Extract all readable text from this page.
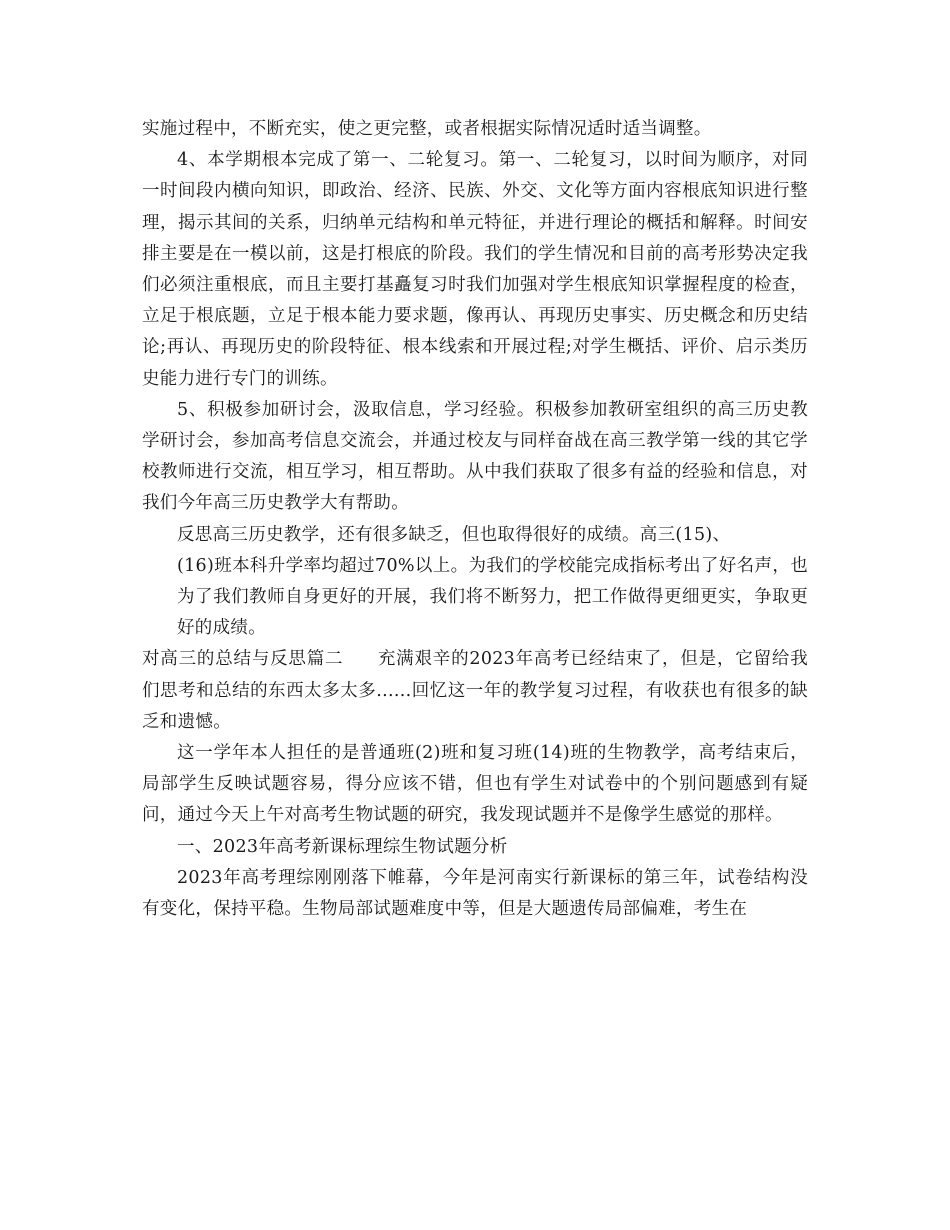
实施过程中，不断充实，使之更完整，或者根据实际情况适时适当调整。

4、本学期根本完成了第一、二轮复习。第一、二轮复习，以时间为顺序，对同一时间段内横向知识，即政治、经济、民族、外交、文化等方面内容根底知识进行整理，揭示其间的关系，归纳单元结构和单元特征，并进行理论的概括和解释。时间安排主要是在一模以前，这是打根底的阶段。我们的学生情况和目前的高考形势决定我们必须注重根底，而且主要打基矗复习时我们加强对学生根底知识掌握程度的检查，立足于根底题，立足于根本能力要求题，像再认、再现历史事实、历史概念和历史结论;再认、再现历史的阶段特征、根本线索和开展过程;对学生概括、评价、启示类历史能力进行专门的训练。

5、积极参加研讨会，汲取信息，学习经验。积极参加教研室组织的高三历史教学研讨会，参加高考信息交流会，并通过校友与同样奋战在高三教学第一线的其它学校教师进行交流，相互学习，相互帮助。从中我们获取了很多有益的经验和信息，对我们今年高三历史教学大有帮助。

反思高三历史教学，还有很多缺乏，但也取得很好的成绩。高三(15)、

(16)班本科升学率均超过70%以上。为我们的学校能完成指标考出了好名声，也为了我们教师自身更好的开展，我们将不断努力，把工作做得更细更实，争取更好的成绩。

对高三的总结与反思篇二 充满艰辛的2023年高考已经结束了，但是，它留给我们思考和总结的东西太多太多......回忆这一年的教学复习过程，有收获也有很多的缺乏和遗憾。

这一学年本人担任的是普通班(2)班和复习班(14)班的生物教学，高考结束后，局部学生反映试题容易，得分应该不错，但也有学生对试卷中的个别问题感到有疑问，通过今天上午对高考生物试题的研究，我发现试题并不是像学生感觉的那样。

一、2023年高考新课标理综生物试题分析

2023年高考理综刚刚落下帷幕，今年是河南实行新课标的第三年，试卷结构没有变化，保持平稳。生物局部试题难度中等，但是大题遗传局部偏难，考生在
